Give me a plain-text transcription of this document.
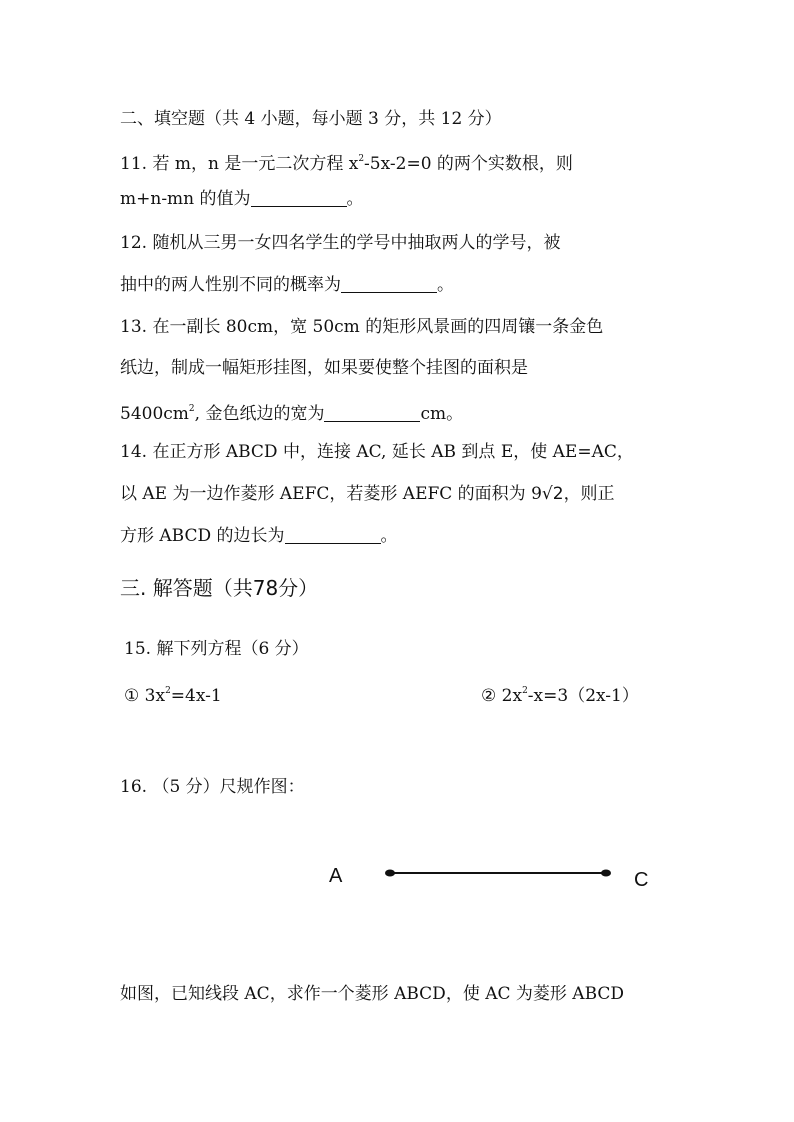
二、填空题（共 4 小题，每小题 3 分，共 12 分）
11. 若 m，n 是一元二次方程 $x^2-5x-2=0$ 的两个实数根，则
m+n-mn 的值为	。
12. 随机从三男一女四名学生的学号中抽取两人的学号，被
抽中的两人性别不同的概率为	。
13. 在一副长 80cm，宽 50cm 的矩形风景画的四周镶一条金色
纸边，制成一幅矩形挂图，如果要使整个挂图的面积是
$5400cm^2$, 金色纸边的宽为	cm。
14. 在正方形 ABCD 中，连接 AC, 延长 AB 到点 E，使 AE=AC，
以 AE 为一边作菱形 AEFC，若菱形 AEFC 的面积为 9√2，则正
方形 ABCD 的边长为	。
三. 解答题（共78分）
15. 解下列方程（6 分）
① $3x^2=4x-1$	② $2x^2-x=3(2x-1)$
16. （5 分）尺规作图：
A	C
如图，已知线段 AC，求作一个菱形 ABCD，使 AC 为菱形 ABCD
